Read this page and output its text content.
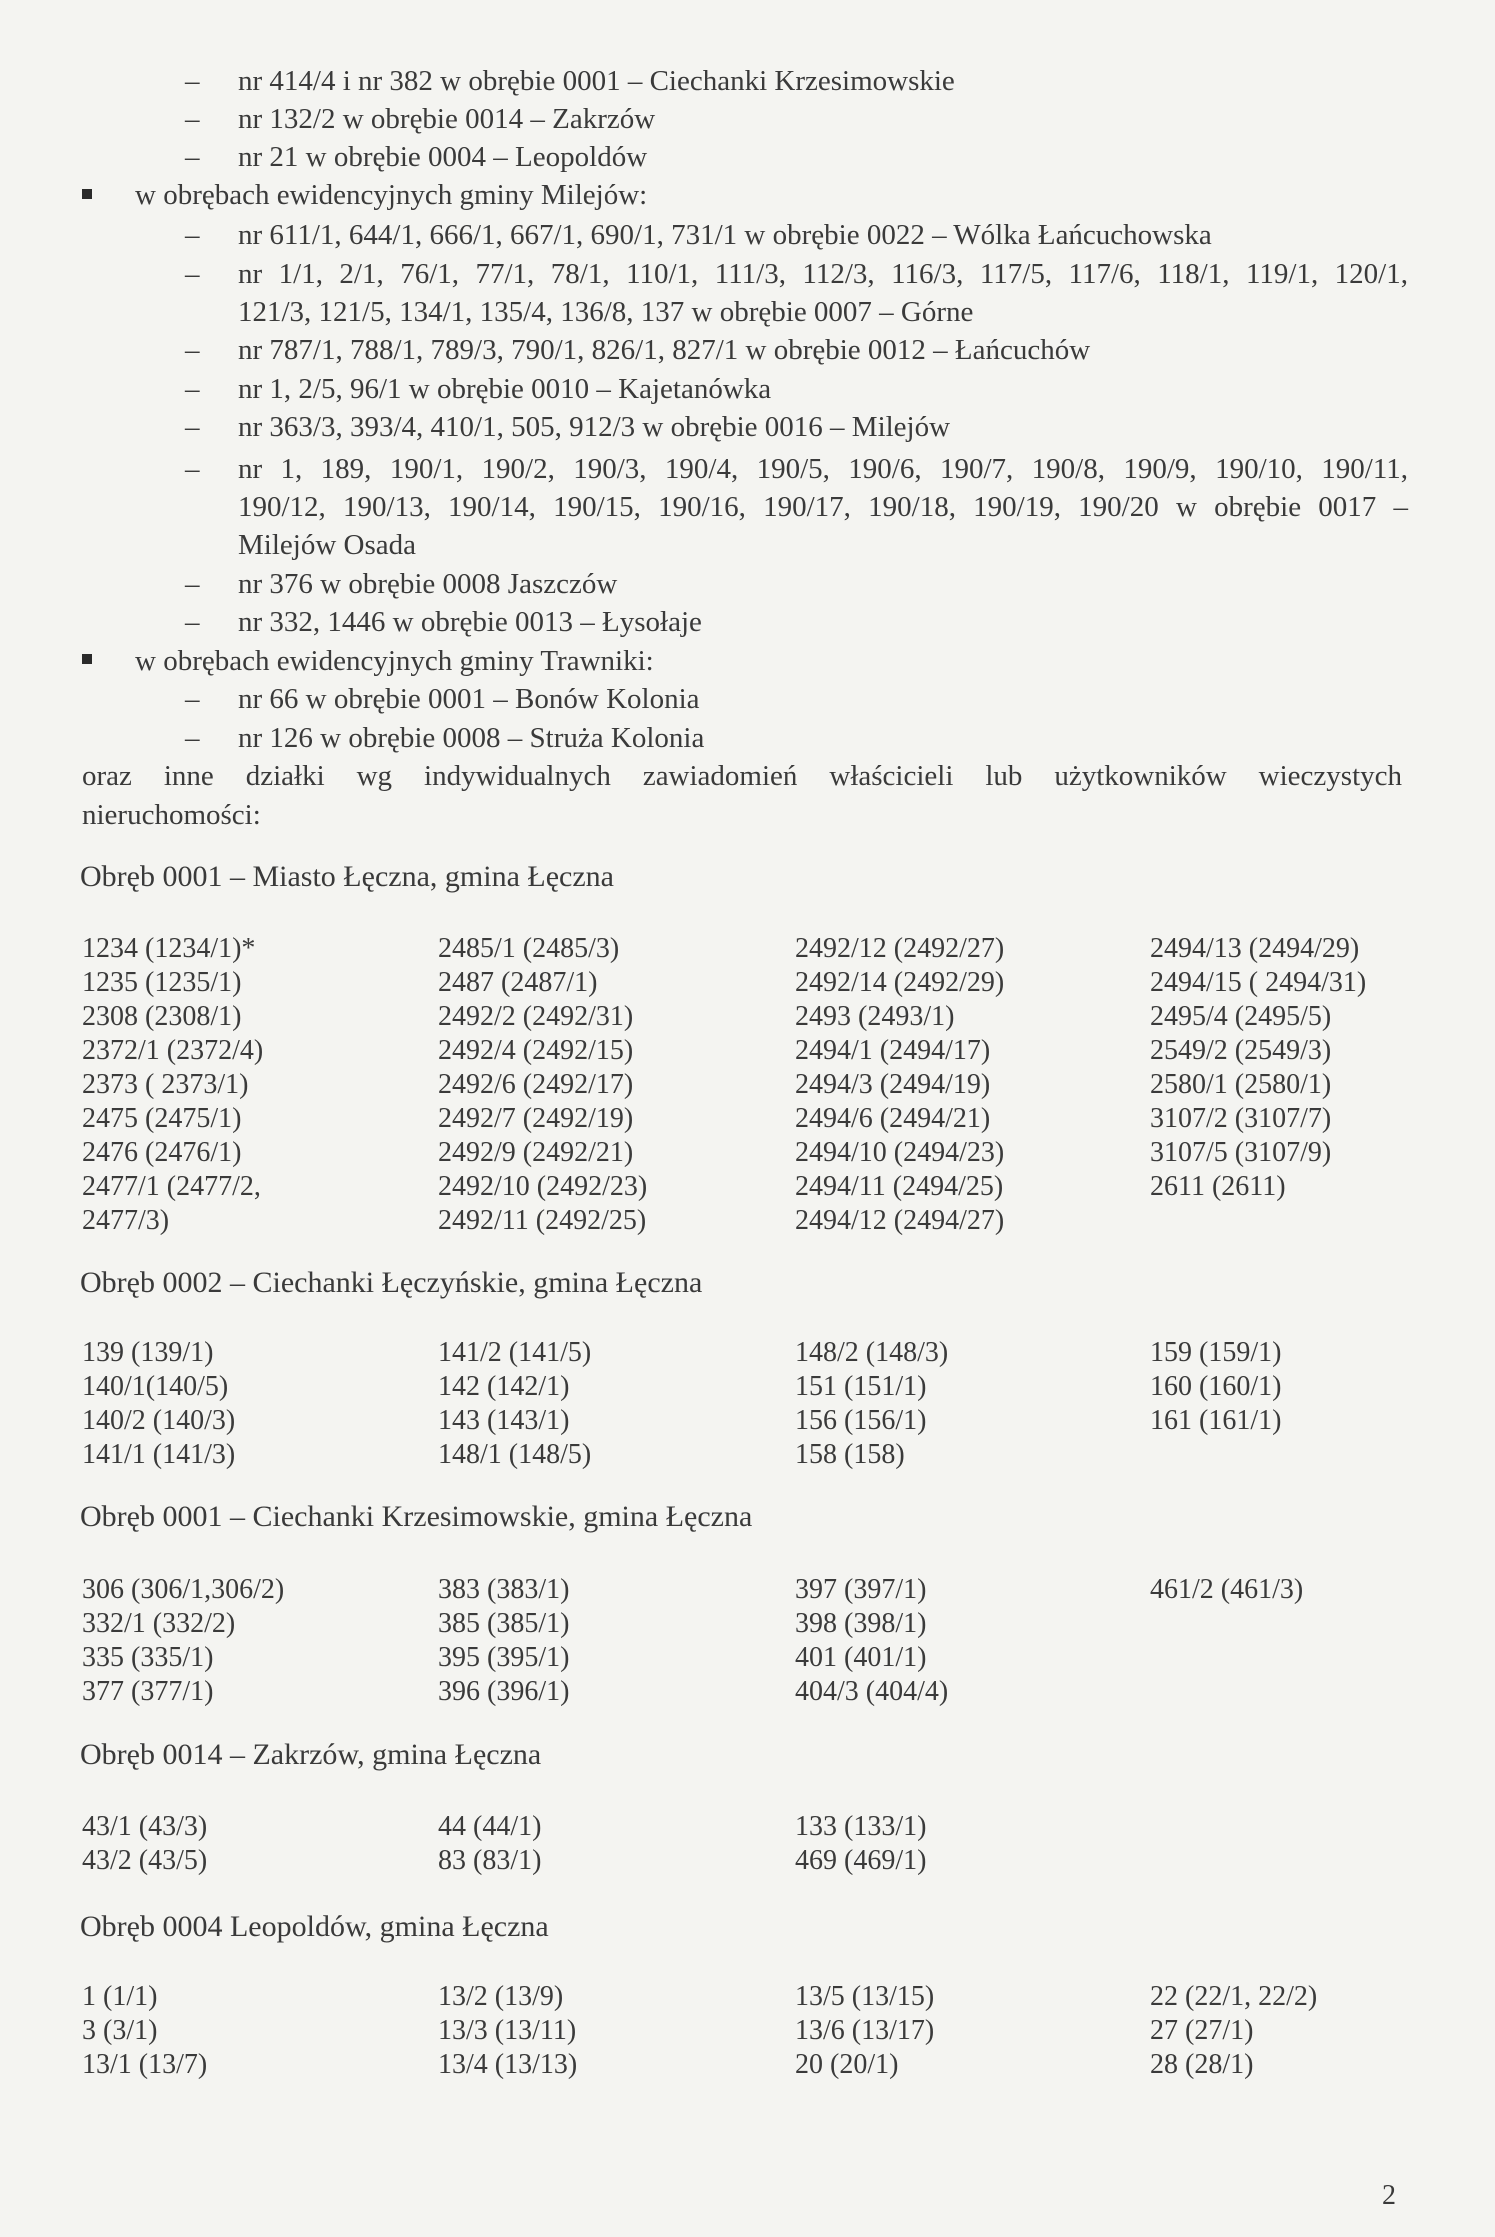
– nr 414/4 i nr 382 w obrębie 0001 – Ciechanki Krzesimowskie
– nr 132/2 w obrębie 0014 – Zakrzów
– nr 21 w obrębie 0004 – Leopoldów
w obrębach ewidencyjnych gminy Milejów:
– nr 611/1, 644/1, 666/1, 667/1, 690/1, 731/1 w obrębie 0022 – Wólka Łańcuchowska
– nr 1/1, 2/1, 76/1, 77/1, 78/1, 110/1, 111/3, 112/3, 116/3, 117/5, 117/6, 118/1, 119/1, 120/1,
121/3, 121/5, 134/1, 135/4, 136/8, 137 w obrębie 0007 – Górne
– nr 787/1, 788/1, 789/3, 790/1, 826/1, 827/1 w obrębie 0012 – Łańcuchów
– nr 1, 2/5, 96/1 w obrębie 0010 – Kajetanówka
– nr 363/3, 393/4, 410/1, 505, 912/3 w obrębie 0016 – Milejów
– nr 1, 189, 190/1, 190/2, 190/3, 190/4, 190/5, 190/6, 190/7, 190/8, 190/9, 190/10, 190/11,
190/12, 190/13, 190/14, 190/15, 190/16, 190/17, 190/18, 190/19, 190/20 w obrębie 0017 –
Milejów Osada
– nr 376 w obrębie 0008 Jaszczów
– nr 332, 1446 w obrębie 0013 – Łysołaje
w obrębach ewidencyjnych gminy Trawniki:
– nr 66 w obrębie 0001 – Bonów Kolonia
– nr 126 w obrębie 0008 – Struża Kolonia
oraz inne działki wg indywidualnych zawiadomień właścicieli lub użytkowników wieczystych
nieruchomości:
Obręb 0001 – Miasto Łęczna, gmina Łęczna
1234 (1234/1)*
1235 (1235/1)
2308 (2308/1)
2372/1 (2372/4)
2373 ( 2373/1)
2475 (2475/1)
2476 (2476/1)
2477/1 (2477/2,
2477/3)
2485/1 (2485/3)
2487 (2487/1)
2492/2 (2492/31)
2492/4 (2492/15)
2492/6 (2492/17)
2492/7 (2492/19)
2492/9 (2492/21)
2492/10 (2492/23)
2492/11 (2492/25)
2492/12 (2492/27)
2492/14 (2492/29)
2493 (2493/1)
2494/1 (2494/17)
2494/3 (2494/19)
2494/6 (2494/21)
2494/10 (2494/23)
2494/11 (2494/25)
2494/12 (2494/27)
2494/13 (2494/29)
2494/15 ( 2494/31)
2495/4 (2495/5)
2549/2 (2549/3)
2580/1 (2580/1)
3107/2 (3107/7)
3107/5 (3107/9)
2611 (2611)
Obręb 0002 – Ciechanki Łęczyńskie, gmina Łęczna
139 (139/1)
140/1(140/5)
140/2 (140/3)
141/1 (141/3)
141/2 (141/5)
142 (142/1)
143 (143/1)
148/1 (148/5)
148/2 (148/3)
151 (151/1)
156 (156/1)
158 (158)
159 (159/1)
160 (160/1)
161 (161/1)
Obręb 0001 – Ciechanki Krzesimowskie, gmina Łęczna
306 (306/1,306/2)
332/1 (332/2)
335 (335/1)
377 (377/1)
383 (383/1)
385 (385/1)
395 (395/1)
396 (396/1)
397 (397/1)
398 (398/1)
401 (401/1)
404/3 (404/4)
461/2 (461/3)
Obręb 0014 – Zakrzów, gmina Łęczna
43/1 (43/3)
43/2 (43/5)
44 (44/1)
83 (83/1)
133 (133/1)
469 (469/1)
Obręb 0004 Leopoldów, gmina Łęczna
1 (1/1)
3 (3/1)
13/1 (13/7)
13/2 (13/9)
13/3 (13/11)
13/4 (13/13)
13/5 (13/15)
13/6 (13/17)
20 (20/1)
22 (22/1, 22/2)
27 (27/1)
28 (28/1)
2
